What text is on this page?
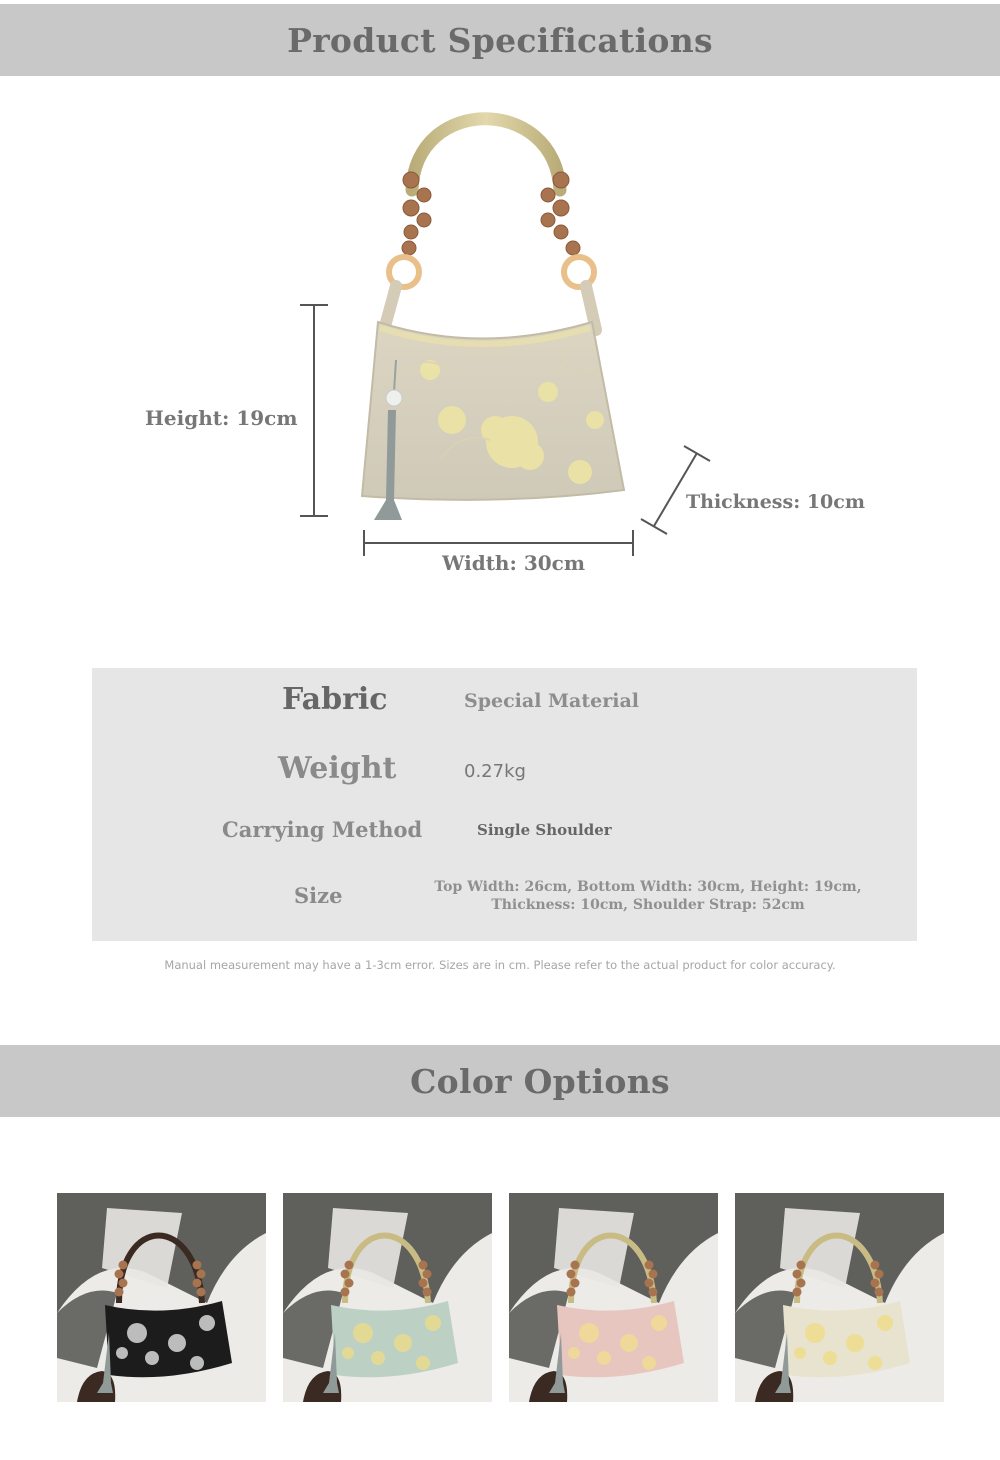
Product Specifications
Height: 19cm
Width: 30cm
Thickness: 10cm
Fabric	Special Material
Weight	0.27kg
Carrying Method	Single Shoulder
Size	Top Width: 26cm, Bottom Width: 30cm, Height: 19cm,
Thickness: 10cm, Shoulder Strap: 52cm
Manual measurement may have a 1-3cm error. Sizes are in cm. Please refer to the actual product for color accuracy.
Color Options
